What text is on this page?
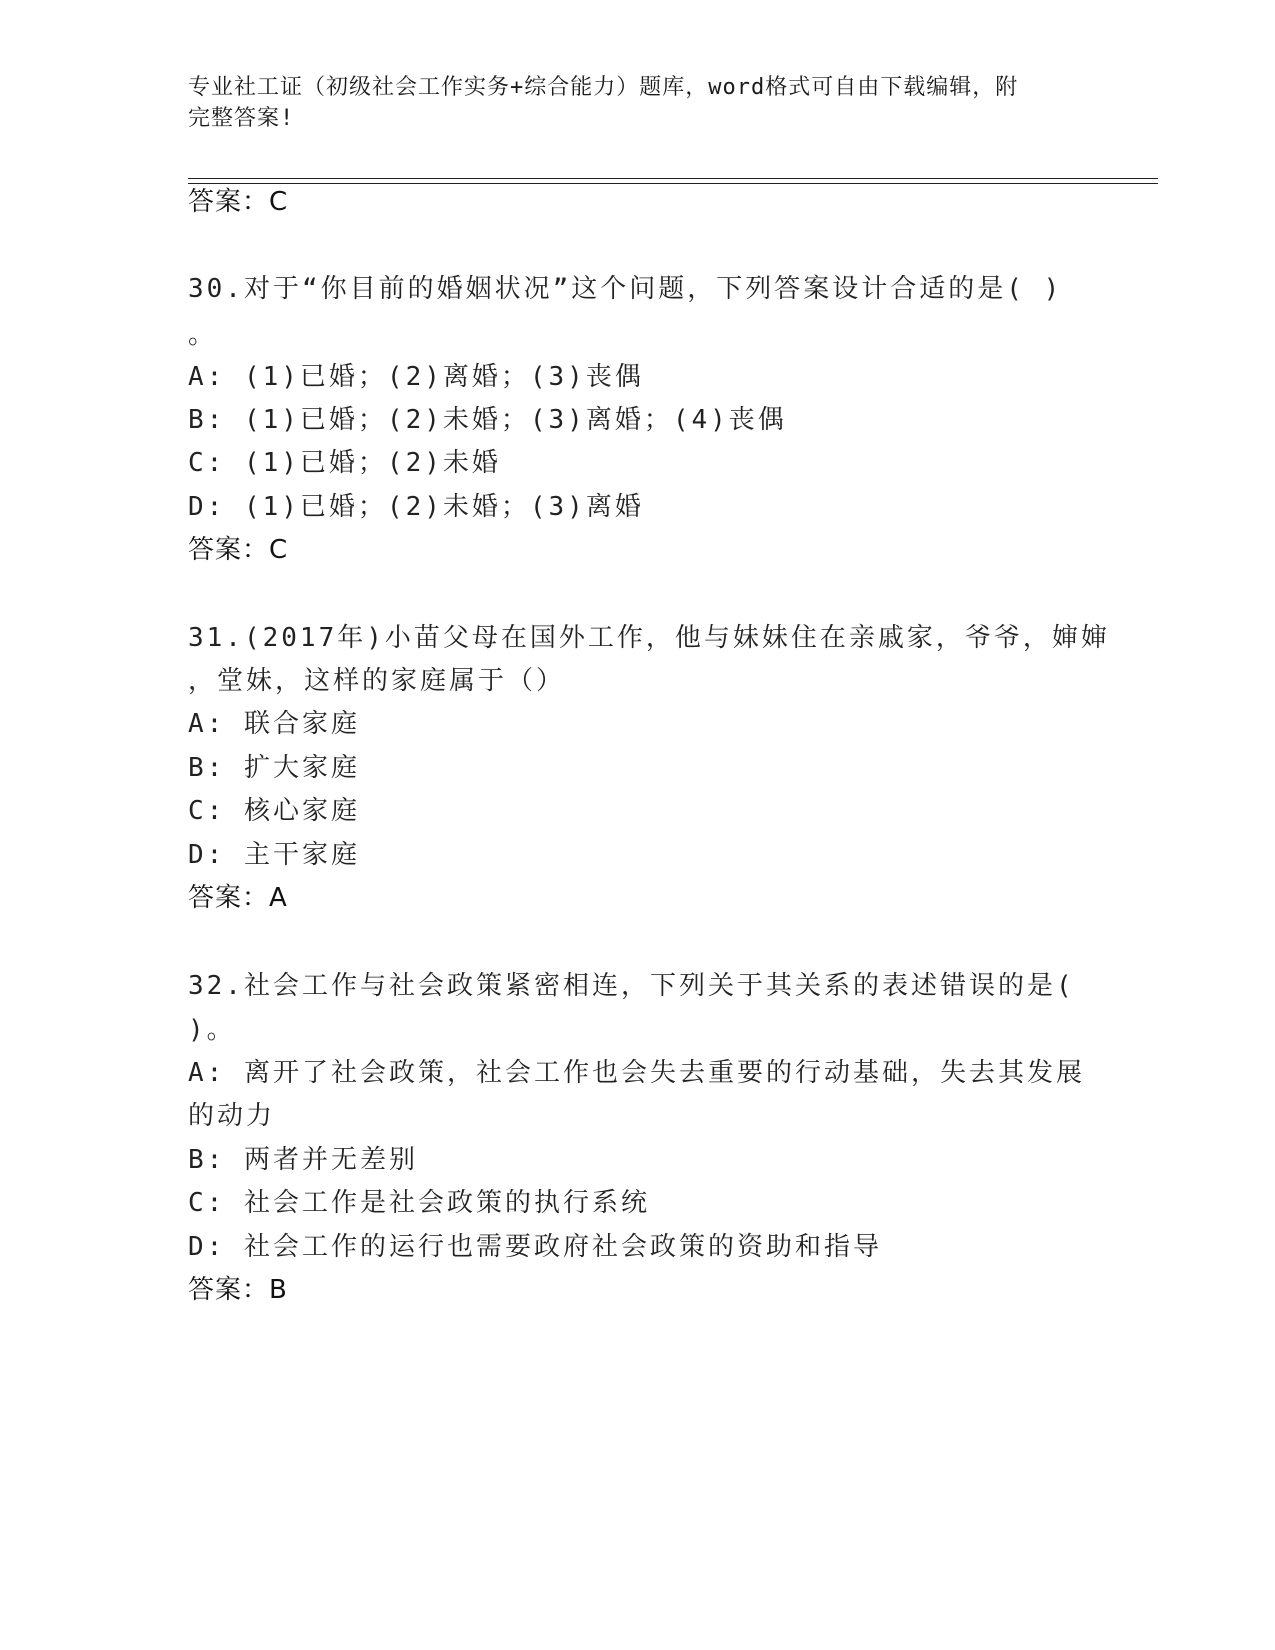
专业社工证（初级社会工作实务+综合能力）题库，word格式可自由下载编辑，附
完整答案!
答案：C
30.对于“你目前的婚姻状况”这个问题，下列答案设计合适的是( )
。
A: (1)已婚；(2)离婚；(3)丧偶
B: (1)已婚；(2)未婚；(3)离婚；(4)丧偶
C: (1)已婚；(2)未婚
D: (1)已婚；(2)未婚；(3)离婚
答案：C
31.(2017年)小苗父母在国外工作，他与妹妹住在亲戚家，爷爷，婶婶
，堂妹，这样的家庭属于（）
A: 联合家庭
B: 扩大家庭
C: 核心家庭
D: 主干家庭
答案：A
32.社会工作与社会政策紧密相连，下列关于其关系的表述错误的是(
)。
A: 离开了社会政策，社会工作也会失去重要的行动基础，失去其发展
的动力
B: 两者并无差别
C: 社会工作是社会政策的执行系统
D: 社会工作的运行也需要政府社会政策的资助和指导
答案：B
